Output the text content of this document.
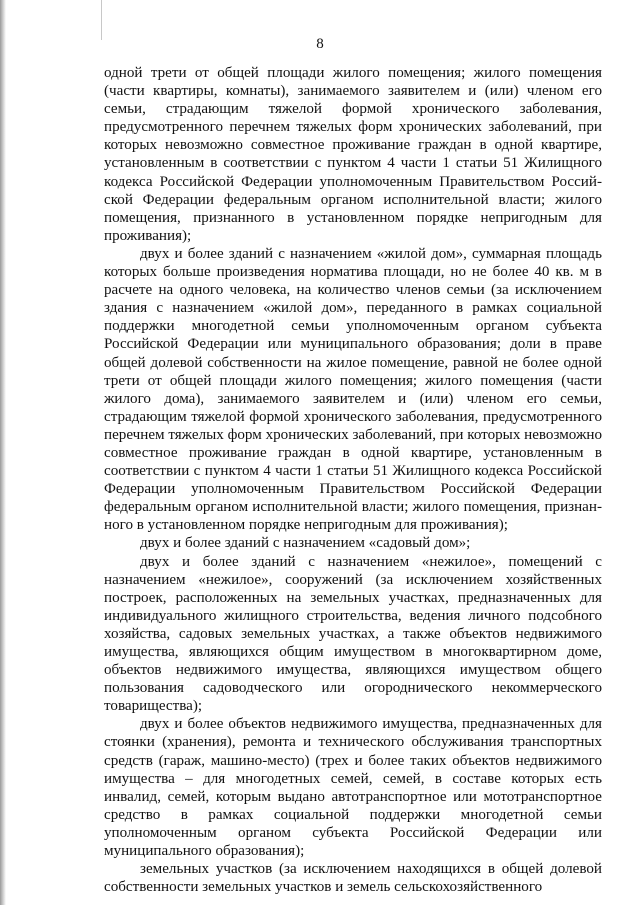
8

одной трети от общей площади жилого помещения; жилого помещения (части квартиры, комнаты), занимаемого заявителем и (или) членом его семьи, страдающим тяжелой формой хронического заболевания, предусмотренного перечнем тяжелых форм хронических заболеваний, при которых невозможно совместное проживание граждан в одной квартире, установленным в соответствии с пунктом 4 части 1 статьи 51 Жилищного кодекса Российской Федерации уполномоченным Правительством Российской Федерации федеральным органом исполнительной власти; жилого помещения, признанного в установленном порядке непригодным для проживания);

двух и более зданий с назначением «жилой дом», суммарная площадь которых больше произведения норматива площади, но не более 40 кв. м в расчете на одного человека, на количество членов семьи (за исключением здания с назначением «жилой дом», переданного в рамках социальной поддержки многодетной семьи уполномоченным органом субъекта Российской Федерации или муниципального образования; доли в праве общей долевой собственности на жилое помещение, равной не более одной трети от общей площади жилого помещения; жилого помещения (части жилого дома), занимаемого заявителем и (или) членом его семьи, страдающим тяжелой формой хронического заболевания, предусмотренного перечнем тяжелых форм хронических заболеваний, при которых невозможно совместное проживание граждан в одной квартире, установленным в соответствии с пунктом 4 части 1 статьи 51 Жилищного кодекса Российской Федерации уполномоченным Правительством Российской Федерации федеральным органом исполнительной власти; жилого помещения, признанного в установленном порядке непригодным для проживания);

двух и более зданий с назначением «садовый дом»;

двух и более зданий с назначением «нежилое», помещений с назначением «нежилое», сооружений (за исключением хозяйственных построек, расположенных на земельных участках, предназначенных для индивидуального жилищного строительства, ведения личного подсобного хозяйства, садовых земельных участках, а также объектов недвижимого имущества, являющихся общим имуществом в многоквартирном доме, объектов недвижимого имущества, являющихся имуществом общего пользования садоводческого или огороднического некоммерческого товарищества);

двух и более объектов недвижимого имущества, предназначенных для стоянки (хранения), ремонта и технического обслуживания транспортных средств (гараж, машино-место) (трех и более таких объектов недвижимого имущества – для многодетных семей, семей, в составе которых есть инвалид, семей, которым выдано автотранспортное или мототранспортное средство в рамках социальной поддержки многодетной семьи уполномоченным органом субъекта Российской Федерации или муниципального образования);

земельных участков (за исключением находящихся в общей долевой собственности земельных участков и земель сельскохозяйственного
